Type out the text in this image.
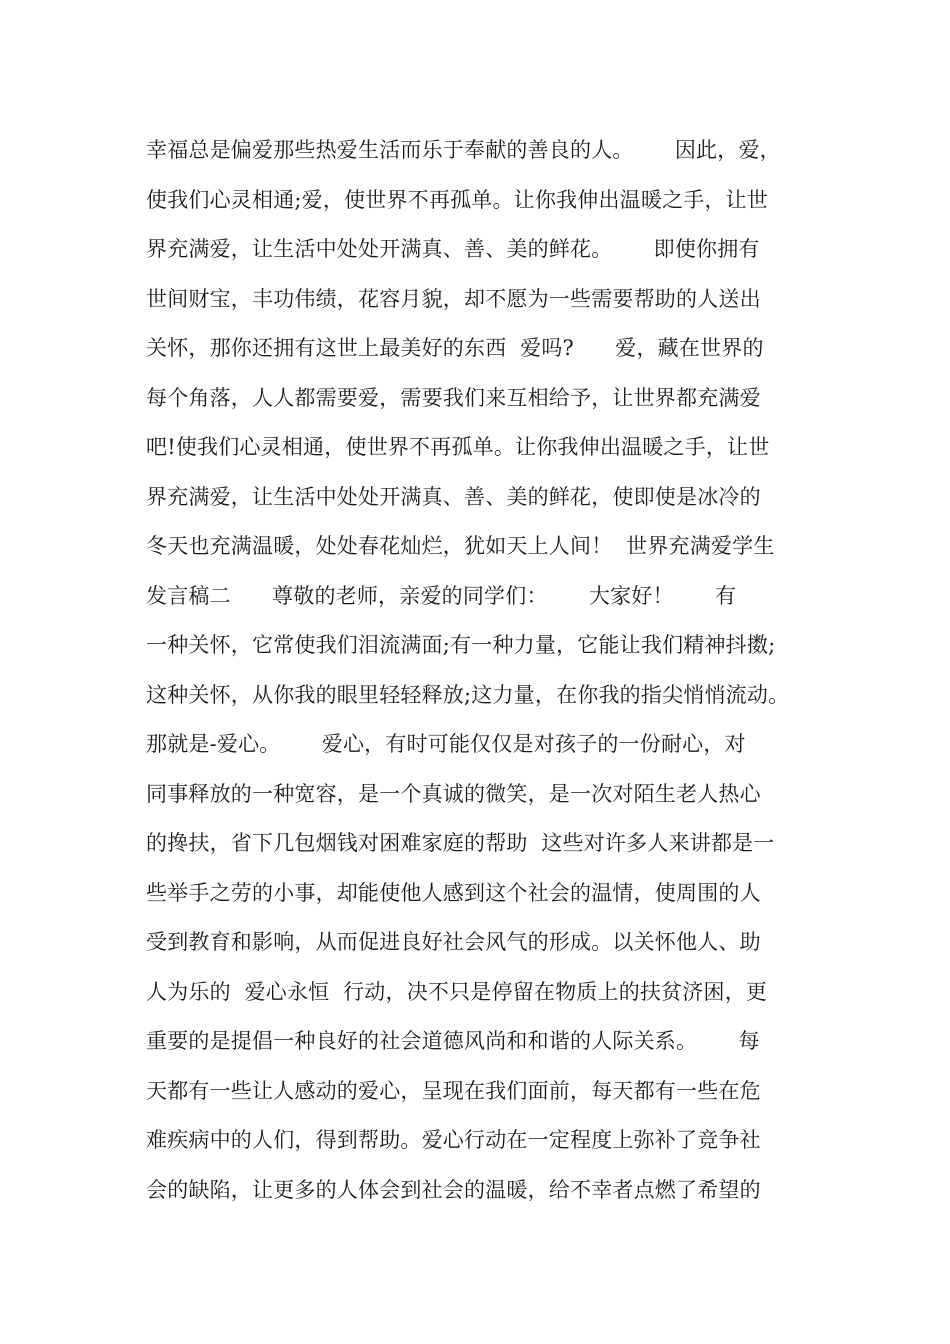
幸福总是偏爱那些热爱生活而乐于奉献的善良的人。      因此，爱，
使我们心灵相通;爱，使世界不再孤单。让你我伸出温暖之手，让世
界充满爱，让生活中处处开满真、善、美的鲜花。      即使你拥有
世间财宝，丰功伟绩，花容月貌，却不愿为一些需要帮助的人送出
关怀，那你还拥有这世上最美好的东西  爱吗?      爱，藏在世界的
每个角落，人人都需要爱，需要我们来互相给予，让世界都充满爱
吧!使我们心灵相通，使世界不再孤单。让你我伸出温暖之手，让世
界充满爱，让生活中处处开满真、善、美的鲜花，使即使是冰冷的
冬天也充满温暖，处处春花灿烂，犹如天上人间！  世界充满爱学生
发言稿二      尊敬的老师，亲爱的同学们：      大家好！      有
一种关怀，它常使我们泪流满面;有一种力量，它能让我们精神抖擞;
这种关怀，从你我的眼里轻轻释放;这力量，在你我的指尖悄悄流动。
那就是-爱心。      爱心，有时可能仅仅是对孩子的一份耐心，对
同事释放的一种宽容，是一个真诚的微笑，是一次对陌生老人热心
的搀扶，省下几包烟钱对困难家庭的帮助  这些对许多人来讲都是一
些举手之劳的小事，却能使他人感到这个社会的温情，使周围的人
受到教育和影响，从而促进良好社会风气的形成。以关怀他人、助
人为乐的  爱心永恒  行动，决不只是停留在物质上的扶贫济困，更
重要的是提倡一种良好的社会道德风尚和和谐的人际关系。      每
天都有一些让人感动的爱心，呈现在我们面前，每天都有一些在危
难疾病中的人们，得到帮助。爱心行动在一定程度上弥补了竞争社
会的缺陷，让更多的人体会到社会的温暖，给不幸者点燃了希望的
